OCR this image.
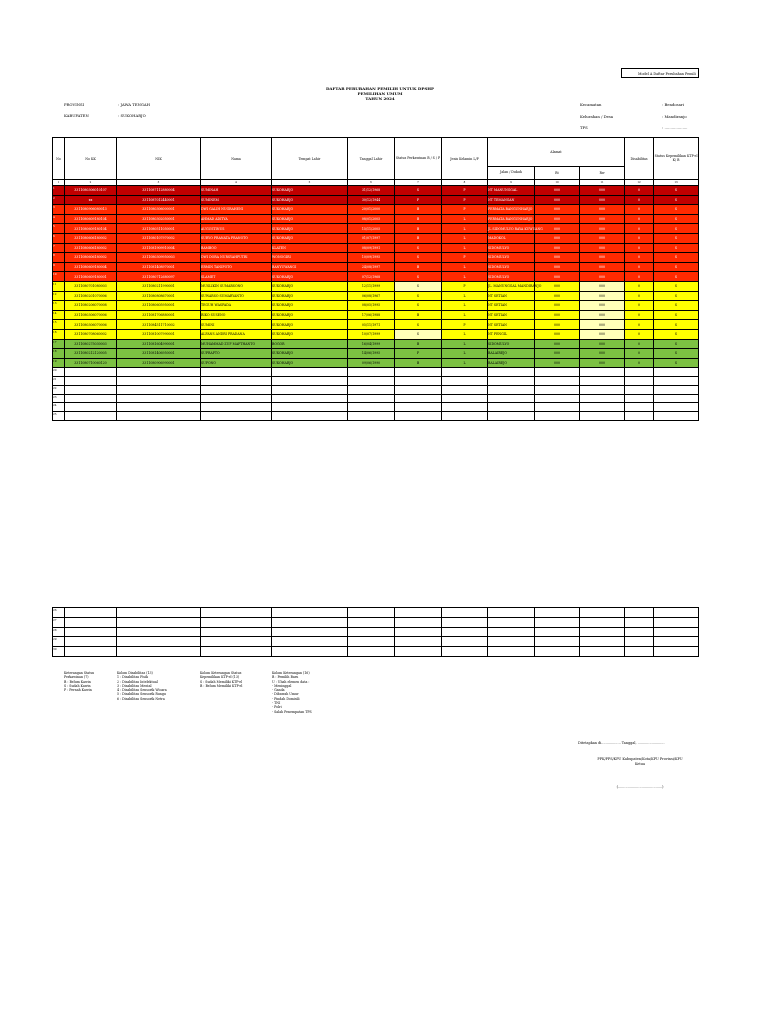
Model A Daftar Perubahan Pemili
DAFTAR PERUBAHAN PEMILIH UNTUK DPSHP
PEMILIHAN UMUM
TAHUN 2024
PROVINSI	: JAWA TENGAH
KABUPATEN	: SUKOHARJO
Kecamatan	: Bendosari
Kelurahan / Desa	: Mandiranjo
TPS	: ...................
No	No KK	NIK	Nama	Tempat Lahir	Tanggal Lahir	Status Perkawinan B / S / P	Jenis Kelamin L/P	Alamat			Disabilitas	Status Kepemilikan KTP-el K/ B
								Jalan / Dukuh	Rt	Rw		
1	2	3	4	5	6	7	8	9	10	11	12	13
1	3311080306010107	3311087112880004	SUMINAH	SUKOHARJO	31/12/1968	S	P	NT MANUNGGAL	000	000	0	S
2	xx	3311087012440001	SUMINEM	SUKOHARJO	30/12/1944	P	P	NT TEMANGAN	000	000	0	S
3	3311080906080013	3311080306000001	DWI GALIH NUGRAHENI	SUKOHARJO	20/01/2000	B	P	PERMATA BANGUNHARJO	000	000	0	S
4	3311080609180104	3311080302050001	AHMAD ADITYA	SUKOHARJO	08/01/2005	B	L	PERMATA BANGUNHARJO	000	000	0	S
5	3311080609180104	3311080511050001	AUGUSTINUS	SUKOHARJO	15/11/2005	B	L	JL SIDOMULYO RAYA KUWUANG	000	000	0	S
6	3311080606180002	3311080107970002	SURYO PRANATA PRANOTO	SUKOHARJO	01/07/1997	B	L	MADOKOL	000	000	0	S
7	3311080606180002	3311081909910004	BAMBOO	KLATEN	08/09/1991	S	L	SIDOMULYO	000	000	0	S
8	3311080606180002	3311080309950003	DWI DORA NURSYAHPUTRI	WONOGIRI	10/09/1995	S	P	SIDOMULYO	000	000	0	S
9	3311080609180004	3311081408970001	ERMIN TANIFOTO	BANYUWANGI	24/08/1997	B	L	SIDOMULYO	000	000	0	S
10	3311080609180001	3311080712680097	SLAMET	SUKOHARJO	07/12/1968	S	L	SIDOMULYO	000	000	0	S
11	3311080701080003	3311080211990001	MUSLIKIN SUMARSONO	SUKOHARJO	12/11/1999	S	P	JL. MANUNGGAL MANDIRANJO	000	000	0	S
12	3311080201070006	3311080808670001	SUWARSO SUMARYANTO	SUKOHARJO	06/08/1967	S	L	NT SETIAN	000	000	0	S
13	3311080206070008	3311080605950001	TEGUH WASPADA	SUKOHARJO	08/05/1995	S	L	NT SETIAN	000	000	0	S
14	3311080306070006	3311081706880001	RIKO SUSENO	SUKOHARJO	17/06/1988	B	L	NT SETIAN	000	000	0	S
15	3311080306070006	3311084511710002	SUMINI	SUKOHARJO	05/11/1971	S	P	NT SETIAN	000	000	0	S
16	3311080708060002	3311081007990001	ALFANS ANDRI PRADANA	SUKOHARJO	10/07/1999	S	L	NT PENGIL	000	000	0	S
17	3311080275030003	3311081604990001	MUHAMMAD ZUF MAFTHANTO	BOGOR	16/04/1999	B	L	SIDOMULYO	000	000	0	S
18	3311080212120005	3311081406950001	SUPRAPTO	SUKOHARJO	14/06/1995	P	L	BALAIREJO	000	000	0	S
19	3311080710060120	3311080906990001	SUPONO	SUKOHARJO	09/06/1990	B	L	BALAIREJO	000	000	0	S
20												
21												
22												
23												
24												
25												
26												
27												
28												
29												
30												
Keterangan Status
Perkawinan (7)
B : Belum Kawin
S : Sudah Kawin
P : Pernah Kawin
Kolom Disabilitas (13)
1 : Disabilitas Fisik
2 : Disabilitas Intelektual
3 : Disabilitas Mental
4 : Disabilitas Sensorik Wicara
5 : Disabilitas Sensorik Rungu
6 : Disabilitas Sensorik Netra
Kolom Keterangan Status
Kepemilikan KTP-el (13)
S : Sudah Memiliki KTP-el
B : Belum Memiliki KTP-el
Kolom Keterangan (16)
B : Pemilih Baru
U : Ubah elemen data :
- Meninggal
- Ganda
- Dibawah Umur
- Pindah Domisili
- TNI
- Polri
- Salah Penempatan TPS
Ditetapkan di.................. Tanggal, .........................
PPK/PPS/KPU Kabupaten/Kota/KPU Provinsi/KPU
Ketua
(.........................................)
